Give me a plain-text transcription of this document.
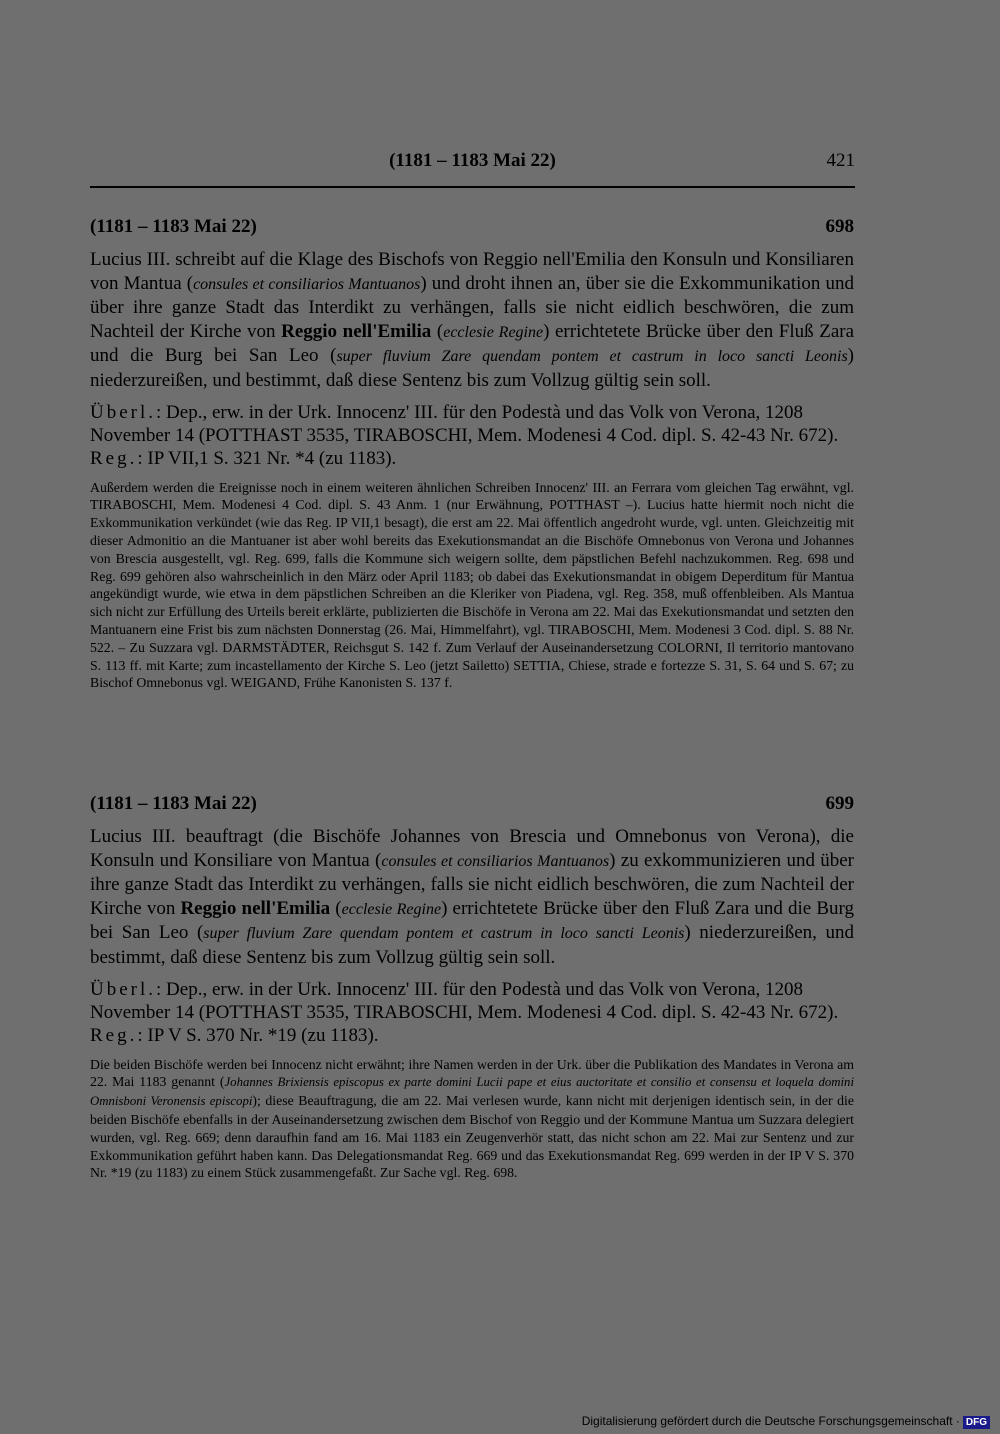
(1181 – 1183 Mai 22)	421
(1181 – 1183 Mai 22)	698

Lucius III. schreibt auf die Klage des Bischofs von Reggio nell'Emilia den Konsuln und Konsiliaren von Mantua (consules et consiliarios Mantuanos) und droht ihnen an, über sie die Exkommunikation und über ihre ganze Stadt das Interdikt zu verhängen, falls sie nicht eidlich beschwören, die zum Nachteil der Kirche von Reggio nell'Emilia (ecclesie Regine) errichtetete Brücke über den Fluß Zara und die Burg bei San Leo (super fluvium Zare quendam pontem et castrum in loco sancti Leonis) niederzureißen, und bestimmt, daß diese Sentenz bis zum Vollzug gültig sein soll.

Überl.: Dep., erw. in der Urk. Innocenz' III. für den Podestà und das Volk von Verona, 1208 November 14 (POTTHAST 3535, TIRABOSCHI, Mem. Modenesi 4 Cod. dipl. S. 42-43 Nr. 672).
Reg.: IP VII,1 S. 321 Nr. *4 (zu 1183).

Außerdem werden die Ereignisse noch in einem weiteren ähnlichen Schreiben Innocenz' III. an Ferrara vom gleichen Tag erwähnt, vgl. TIRABOSCHI, Mem. Modenesi 4 Cod. dipl. S. 43 Anm. 1 (nur Erwähnung, POTTHAST –). Lucius hatte hiermit noch nicht die Exkommunikation verkündet (wie das Reg. IP VII,1 besagt), die erst am 22. Mai öffentlich angedroht wurde, vgl. unten. Gleichzeitig mit dieser Admonitio an die Mantuaner ist aber wohl bereits das Exekutionsmandat an die Bischöfe Omnebonus von Verona und Johannes von Brescia ausgestellt, vgl. Reg. 699, falls die Kommune sich weigern sollte, dem päpstlichen Befehl nachzukommen. Reg. 698 und Reg. 699 gehören also wahrscheinlich in den März oder April 1183; ob dabei das Exekutionsmandat in obigem Deperditum für Mantua angekündigt wurde, wie etwa in dem päpstlichen Schreiben an die Kleriker von Piadena, vgl. Reg. 358, muß offenbleiben. Als Mantua sich nicht zur Erfüllung des Urteils bereit erklärte, publizierten die Bischöfe in Verona am 22. Mai das Exekutionsmandat und setzten den Mantuanern eine Frist bis zum nächsten Donnerstag (26. Mai, Himmelfahrt), vgl. TIRABOSCHI, Mem. Modenesi 3 Cod. dipl. S. 88 Nr. 522. – Zu Suzzara vgl. DARMSTÄDTER, Reichsgut S. 142 f. Zum Verlauf der Auseinandersetzung COLORNI, Il territorio mantovano S. 113 ff. mit Karte; zum incastellamento der Kirche S. Leo (jetzt Sailetto) SETTIA, Chiese, strade e fortezze S. 31, S. 64 und S. 67; zu Bischof Omnebonus vgl. WEIGAND, Frühe Kanonisten S. 137 f.

(1181 – 1183 Mai 22)	699

Lucius III. beauftragt (die Bischöfe Johannes von Brescia und Omnebonus von Verona), die Konsuln und Konsiliare von Mantua (consules et consiliarios Mantuanos) zu exkommunizieren und über ihre ganze Stadt das Interdikt zu verhängen, falls sie nicht eidlich beschwören, die zum Nachteil der Kirche von Reggio nell'Emilia (ecclesie Regine) errichtetete Brücke über den Fluß Zara und die Burg bei San Leo (super fluvium Zare quendam pontem et castrum in loco sancti Leonis) niederzureißen, und bestimmt, daß diese Sentenz bis zum Vollzug gültig sein soll.

Überl.: Dep., erw. in der Urk. Innocenz' III. für den Podestà und das Volk von Verona, 1208 November 14 (POTTHAST 3535, TIRABOSCHI, Mem. Modenesi 4 Cod. dipl. S. 42-43 Nr. 672).
Reg.: IP V S. 370 Nr. *19 (zu 1183).

Die beiden Bischöfe werden bei Innocenz nicht erwähnt; ihre Namen werden in der Urk. über die Publikation des Mandates in Verona am 22. Mai 1183 genannt (Johannes Brixiensis episcopus ex parte domini Lucii pape et eius auctoritate et consilio et consensu et loquela domini Omnisboni Veronensis episcopi); diese Beauftragung, die am 22. Mai verlesen wurde, kann nicht mit derjenigen identisch sein, in der die beiden Bischöfe ebenfalls in der Auseinandersetzung zwischen dem Bischof von Reggio und der Kommune Mantua um Suzzara delegiert wurden, vgl. Reg. 669; denn daraufhin fand am 16. Mai 1183 ein Zeugenverhör statt, das nicht schon am 22. Mai zur Sentenz und zur Exkommunikation geführt haben kann. Das Delegationsmandat Reg. 669 und das Exekutionsmandat Reg. 699 werden in der IP V S. 370 Nr. *19 (zu 1183) zu einem Stück zusammengefaßt. Zur Sache vgl. Reg. 698.

Digitalisierung gefördert durch die Deutsche Forschungsgemeinschaft · DFG
